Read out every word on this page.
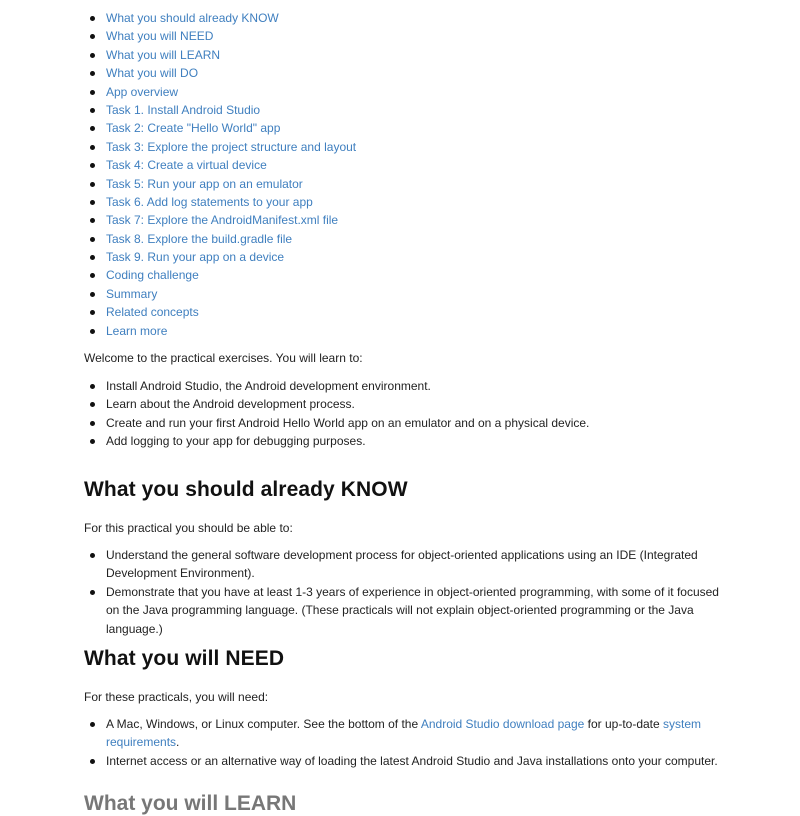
What you should already KNOW
What you will NEED
What you will LEARN
What you will DO
App overview
Task 1. Install Android Studio
Task 2: Create "Hello World" app
Task 3: Explore the project structure and layout
Task 4: Create a virtual device
Task 5: Run your app on an emulator
Task 6. Add log statements to your app
Task 7: Explore the AndroidManifest.xml file
Task 8. Explore the build.gradle file
Task 9. Run your app on a device
Coding challenge
Summary
Related concepts
Learn more

Welcome to the practical exercises. You will learn to:

Install Android Studio, the Android development environment.
Learn about the Android development process.
Create and run your first Android Hello World app on an emulator and on a physical device.
Add logging to your app for debugging purposes.
What you should already KNOW

For this practical you should be able to:

Understand the general software development process for object-oriented applications using an IDE (Integrated Development Environment).
Demonstrate that you have at least 1-3 years of experience in object-oriented programming, with some of it focused on the Java programming language. (These practicals will not explain object-oriented programming or the Java language.)
What you will NEED

For these practicals, you will need:

A Mac, Windows, or Linux computer. See the bottom of the Android Studio download page for up-to-date system requirements.
Internet access or an alternative way of loading the latest Android Studio and Java installations onto your computer.
What you will LEARN
